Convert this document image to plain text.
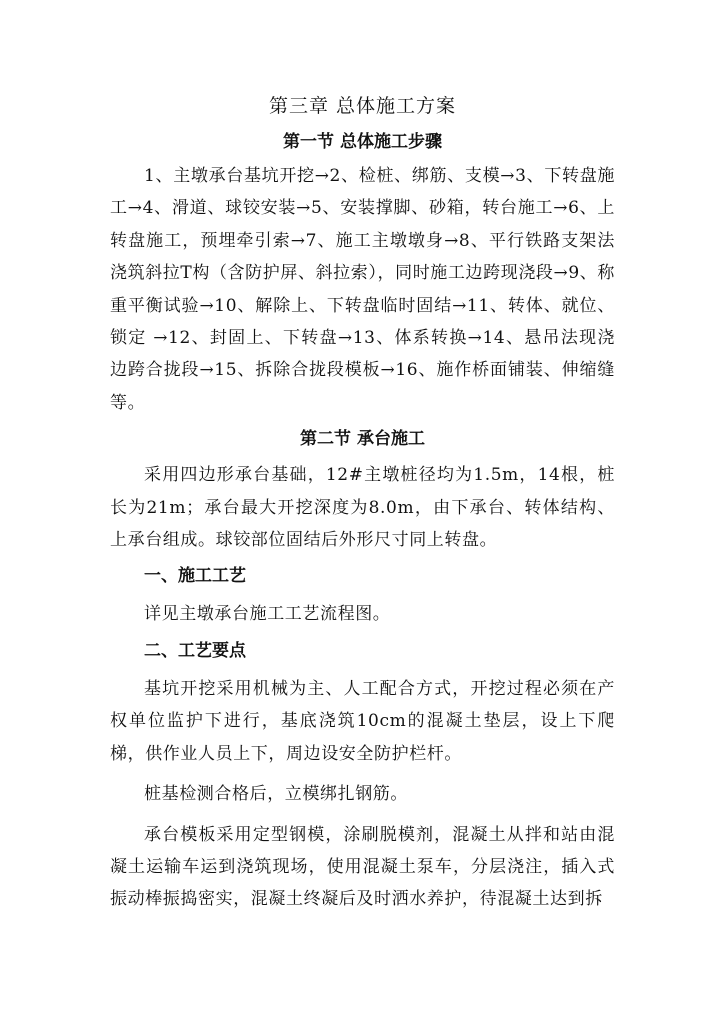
第三章 总体施工方案
第一节 总体施工步骤

1、主墩承台基坑开挖→2、检桩、绑筋、支模→3、下转盘施工→4、滑道、球铰安装→5、安装撑脚、砂箱，转台施工→6、上转盘施工，预埋牵引索→7、施工主墩墩身→8、平行铁路支架法浇筑斜拉T构（含防护屏、斜拉索），同时施工边跨现浇段→9、称重平衡试验→10、解除上、下转盘临时固结→11、转体、就位、锁定 →12、封固上、下转盘→13、体系转换→14、悬吊法现浇边跨合拢段→15、拆除合拢段模板→16、施作桥面铺装、伸缩缝等。

第二节 承台施工

采用四边形承台基础，12#主墩桩径均为1.5m，14根，桩长为21m；承台最大开挖深度为8.0m，由下承台、转体结构、上承台组成。球铰部位固结后外形尺寸同上转盘。

一、施工工艺

详见主墩承台施工工艺流程图。

二、工艺要点

基坑开挖采用机械为主、人工配合方式，开挖过程必须在产权单位监护下进行，基底浇筑10cm的混凝土垫层，设上下爬梯，供作业人员上下，周边设安全防护栏杆。

桩基检测合格后，立模绑扎钢筋。

承台模板采用定型钢模，涂刷脱模剂，混凝土从拌和站由混凝土运输车运到浇筑现场，使用混凝土泵车，分层浇注，插入式振动棒振捣密实，混凝土终凝后及时洒水养护，待混凝土达到拆
